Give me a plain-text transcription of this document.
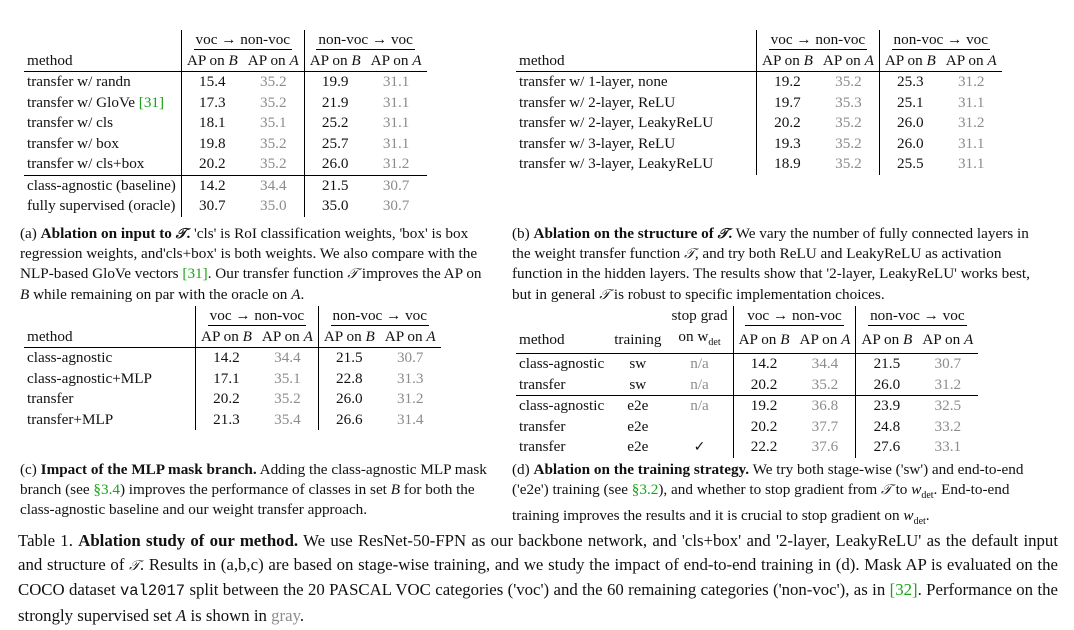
	voc → non-voc		non-voc → voc	
method	AP on B	AP on A	AP on B	AP on A
transfer w/ randn	15.4	35.2	19.9	31.1
transfer w/ GloVe [31]	17.3	35.2	21.9	31.1
transfer w/ cls	18.1	35.1	25.2	31.1
transfer w/ box	19.8	35.2	25.7	31.1
transfer w/ cls+box	20.2	35.2	26.0	31.2
class-agnostic (baseline)	14.2	34.4	21.5	30.7
fully supervised (oracle)	30.7	35.0	35.0	30.7
(a) Ablation on input to 𝒯. 'cls' is RoI classification weights, 'box' is box regression weights, and'cls+box' is both weights. We also compare with the NLP-based GloVe vectors [31]. Our transfer function 𝒯 improves the AP on B while remaining on par with the oracle on A.
	voc → non-voc		non-voc → voc	
method	AP on B	AP on A	AP on B	AP on A
transfer w/ 1-layer, none	19.2	35.2	25.3	31.2
transfer w/ 2-layer, ReLU	19.7	35.3	25.1	31.1
transfer w/ 2-layer, LeakyReLU	20.2	35.2	26.0	31.2
transfer w/ 3-layer, ReLU	19.3	35.2	26.0	31.1
transfer w/ 3-layer, LeakyReLU	18.9	35.2	25.5	31.1
(b) Ablation on the structure of 𝒯. We vary the number of fully connected layers in the weight transfer function 𝒯, and try both ReLU and LeakyReLU as activation function in the hidden layers. The results show that '2-layer, LeakyReLU' works best, but in general 𝒯 is robust to specific implementation choices.
	voc → non-voc		non-voc → voc	
method	AP on B	AP on A	AP on B	AP on A
class-agnostic	14.2	34.4	21.5	30.7
class-agnostic+MLP	17.1	35.1	22.8	31.3
transfer	20.2	35.2	26.0	31.2
transfer+MLP	21.3	35.4	26.6	31.4
(c) Impact of the MLP mask branch. Adding the class-agnostic MLP mask branch (see §3.4) improves the performance of classes in set B for both the class-agnostic baseline and our weight transfer approach.
		stop grad	voc → non-voc		non-voc → voc	
method	training	on $w_{det}$	AP on B	AP on A	AP on B	AP on A
class-agnostic	sw	n/a	14.2	34.4	21.5	30.7
transfer	sw	n/a	20.2	35.2	26.0	31.2
class-agnostic	e2e	n/a	19.2	36.8	23.9	32.5
transfer	e2e		20.2	37.7	24.8	33.2
transfer	e2e	✓	22.2	37.6	27.6	33.1
(d) Ablation on the training strategy. We try both stage-wise ('sw') and end-to-end ('e2e') training (see §3.2), and whether to stop gradient from 𝒯 to $w_{det}$. End-to-end training improves the results and it is crucial to stop gradient on $w_{det}$.
Table 1. Ablation study of our method. We use ResNet-50-FPN as our backbone network, and 'cls+box' and '2-layer, LeakyReLU' as the default input and structure of 𝒯. Results in (a,b,c) are based on stage-wise training, and we study the impact of end-to-end training in (d). Mask AP is evaluated on the COCO dataset val2017 split between the 20 PASCAL VOC categories ('voc') and the 60 remaining categories ('non-voc'), as in [32]. Performance on the strongly supervised set A is shown in gray.
